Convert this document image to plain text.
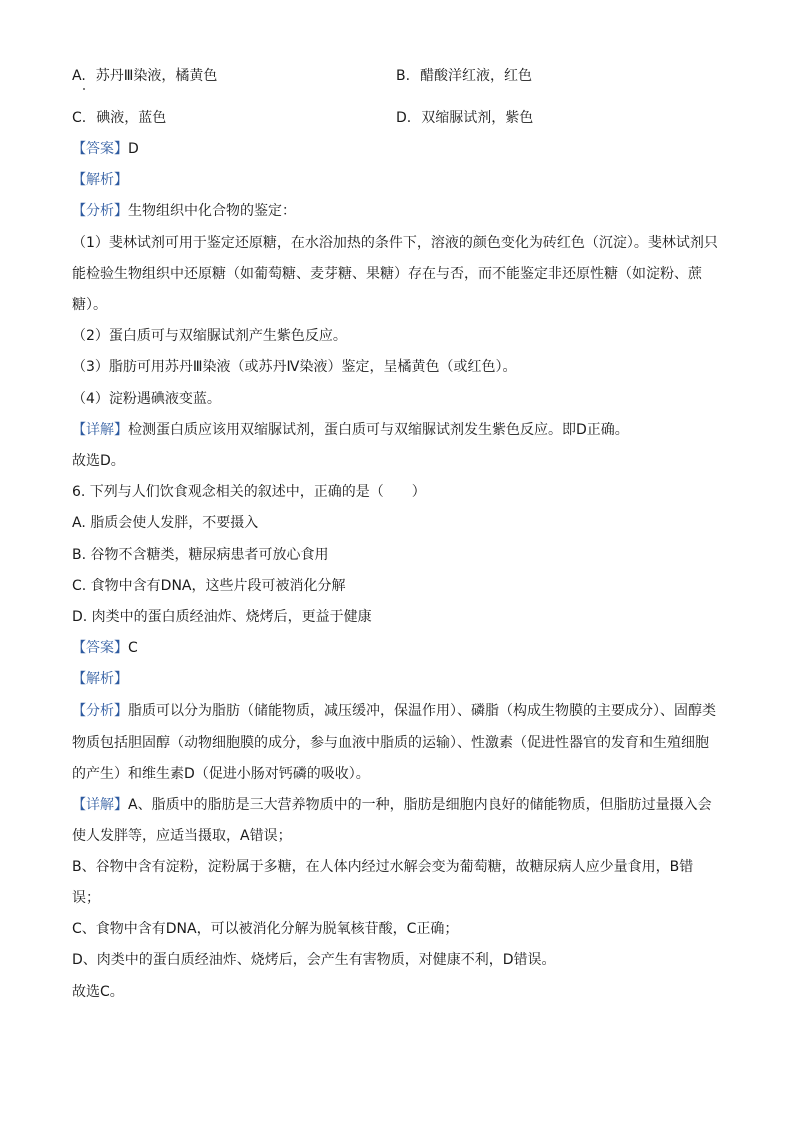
A. 苏丹Ⅲ染液，橘黄色	B. 醋酸洋红液，红色
C. 碘液，蓝色	D. 双缩脲试剂，紫色
【答案】D
【解析】
【分析】生物组织中化合物的鉴定：
（1）斐林试剂可用于鉴定还原糖，在水浴加热的条件下，溶液的颜色变化为砖红色（沉淀）。斐林试剂只
能检验生物组织中还原糖（如葡萄糖、麦芽糖、果糖）存在与否，而不能鉴定非还原性糖（如淀粉、蔗
糖）。
（2）蛋白质可与双缩脲试剂产生紫色反应。
（3）脂肪可用苏丹Ⅲ染液（或苏丹Ⅳ染液）鉴定，呈橘黄色（或红色）。
（4）淀粉遇碘液变蓝。
【详解】检测蛋白质应该用双缩脲试剂，蛋白质可与双缩脲试剂发生紫色反应。即D正确。
故选D。
6. 下列与人们饮食观念相关的叙述中，正确的是（　　）
A. 脂质会使人发胖，不要摄入
B. 谷物不含糖类，糖尿病患者可放心食用
C. 食物中含有DNA，这些片段可被消化分解
D. 肉类中的蛋白质经油炸、烧烤后，更益于健康
【答案】C
【解析】
【分析】脂质可以分为脂肪（储能物质，减压缓冲，保温作用）、磷脂（构成生物膜的主要成分）、固醇类
物质包括胆固醇（动物细胞膜的成分，参与血液中脂质的运输）、性激素（促进性器官的发育和生殖细胞
的产生）和维生素D（促进小肠对钙磷的吸收）。
【详解】A、脂质中的脂肪是三大营养物质中的一种，脂肪是细胞内良好的储能物质，但脂肪过量摄入会
使人发胖等，应适当摄取，A错误；
B、谷物中含有淀粉，淀粉属于多糖，在人体内经过水解会变为葡萄糖，故糖尿病人应少量食用，B错
误；
C、食物中含有DNA，可以被消化分解为脱氧核苷酸，C正确；
D、肉类中的蛋白质经油炸、烧烤后，会产生有害物质，对健康不利，D错误。
故选C。
